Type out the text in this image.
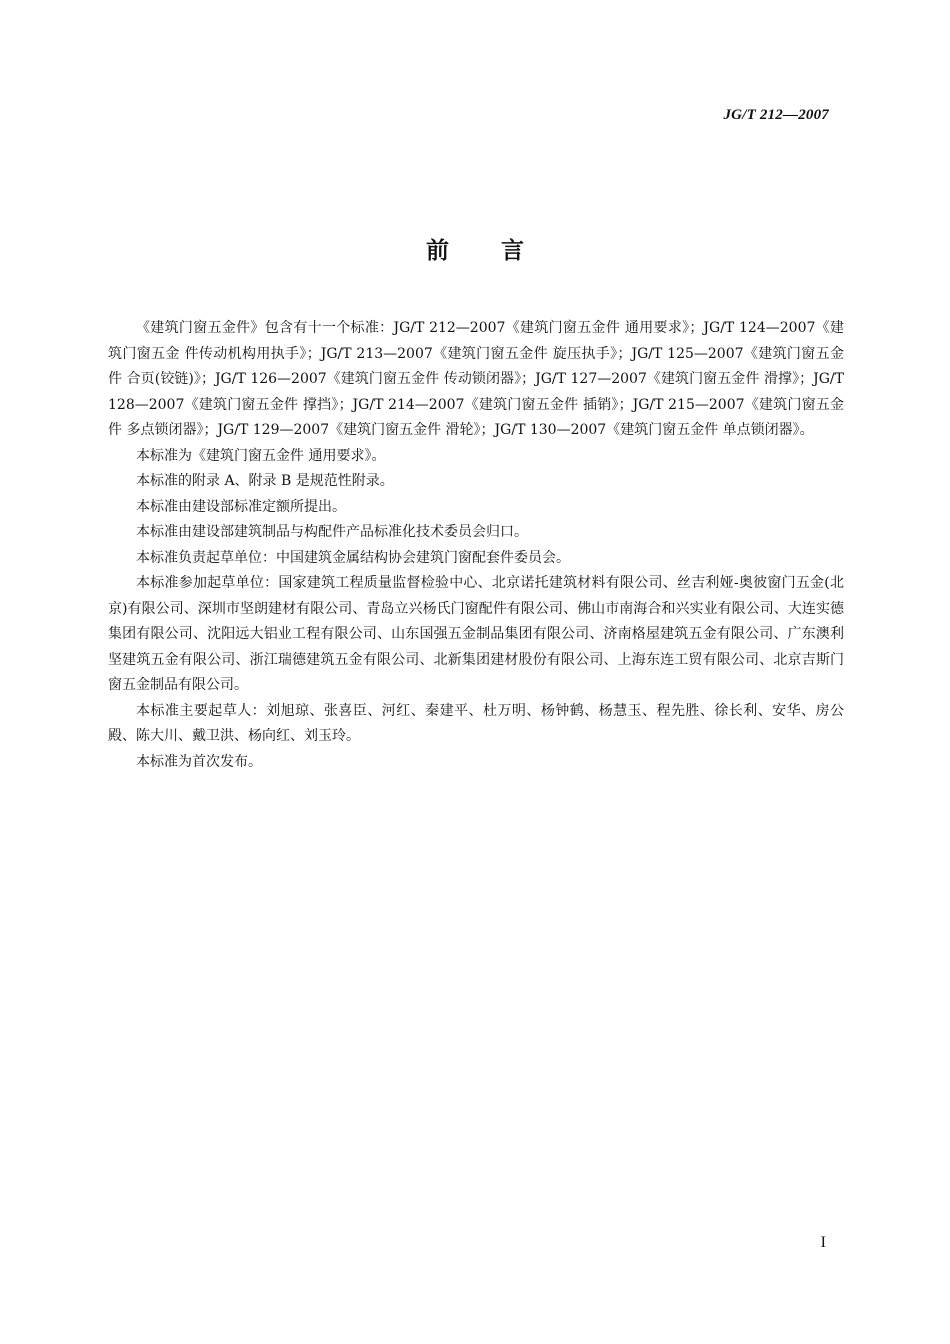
JG/T 212—2007
前言

《建筑门窗五金件》包含有十一个标准：JG/T 212—2007《建筑门窗五金件 通用要求》；JG/T 124—2007《建筑门窗五金 件传动机构用执手》；JG/T 213—2007《建筑门窗五金件 旋压执手》；JG/T 125—2007《建筑门窗五金件 合页(铰链)》；JG/T 126—2007《建筑门窗五金件 传动锁闭器》；JG/T 127—2007《建筑门窗五金件 滑撑》；JG/T 128—2007《建筑门窗五金件 撑挡》；JG/T 214—2007《建筑门窗五金件 插销》；JG/T 215—2007《建筑门窗五金件 多点锁闭器》；JG/T 129—2007《建筑门窗五金件 滑轮》；JG/T 130—2007《建筑门窗五金件 单点锁闭器》。

本标准为《建筑门窗五金件 通用要求》。

本标准的附录 A、附录 B 是规范性附录。

本标准由建设部标准定额所提出。

本标准由建设部建筑制品与构配件产品标准化技术委员会归口。

本标准负责起草单位：中国建筑金属结构协会建筑门窗配套件委员会。

本标准参加起草单位：国家建筑工程质量监督检验中心、北京诺托建筑材料有限公司、丝吉利娅-奥彼窗门五金(北京)有限公司、深圳市坚朗建材有限公司、青岛立兴杨氏门窗配件有限公司、佛山市南海合和兴实业有限公司、大连实德集团有限公司、沈阳远大铝业工程有限公司、山东国强五金制品集团有限公司、济南格屋建筑五金有限公司、广东澳利坚建筑五金有限公司、浙江瑞德建筑五金有限公司、北新集团建材股份有限公司、上海东连工贸有限公司、北京吉斯门窗五金制品有限公司。

本标准主要起草人：刘旭琼、张喜臣、河红、秦建平、杜万明、杨钟鹤、杨慧玉、程先胜、徐长利、安华、房公殿、陈大川、戴卫洪、杨向红、刘玉玲。

本标准为首次发布。

I
